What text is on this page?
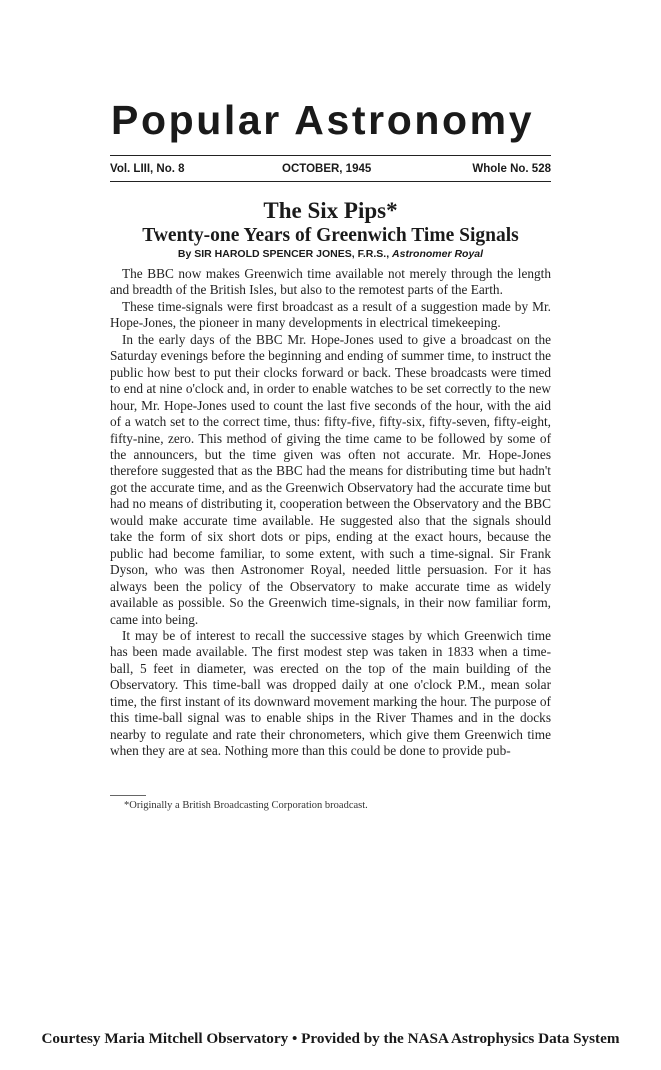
Popular Astronomy
Vol. LIII, No. 8	OCTOBER, 1945	Whole No. 528
The Six Pips*
Twenty-one Years of Greenwich Time Signals
By SIR HAROLD SPENCER JONES, F.R.S., Astronomer Royal

The BBC now makes Greenwich time available not merely through the length and breadth of the British Isles, but also to the remotest parts of the Earth.

These time-signals were first broadcast as a result of a suggestion made by Mr. Hope-Jones, the pioneer in many developments in electrical timekeeping.

In the early days of the BBC Mr. Hope-Jones used to give a broadcast on the Saturday evenings before the beginning and ending of summer time, to instruct the public how best to put their clocks forward or back. These broadcasts were timed to end at nine o'clock and, in order to enable watches to be set correctly to the new hour, Mr. Hope-Jones used to count the last five seconds of the hour, with the aid of a watch set to the correct time, thus: fifty-five, fifty-six, fifty-seven, fifty-eight, fifty-nine, zero. This method of giving the time came to be followed by some of the announcers, but the time given was often not accurate. Mr. Hope-Jones therefore suggested that as the BBC had the means for distributing time but hadn't got the accurate time, and as the Greenwich Observatory had the accurate time but had no means of distributing it, cooperation between the Observatory and the BBC would make accurate time available. He suggested also that the signals should take the form of six short dots or pips, ending at the exact hours, because the public had become familiar, to some extent, with such a time-signal. Sir Frank Dyson, who was then Astronomer Royal, needed little persuasion. For it has always been the policy of the Observatory to make accurate time as widely available as possible. So the Greenwich time-signals, in their now familiar form, came into being.

It may be of interest to recall the successive stages by which Greenwich time has been made available. The first modest step was taken in 1833 when a time-ball, 5 feet in diameter, was erected on the top of the main building of the Observatory. This time-ball was dropped daily at one o'clock P.M., mean solar time, the first instant of its downward movement marking the hour. The purpose of this time-ball signal was to enable ships in the River Thames and in the docks nearby to regulate and rate their chronometers, which give them Greenwich time when they are at sea. Nothing more than this could be done to provide pub-

*Originally a British Broadcasting Corporation broadcast.
Courtesy Maria Mitchell Observatory • Provided by the NASA Astrophysics Data System
